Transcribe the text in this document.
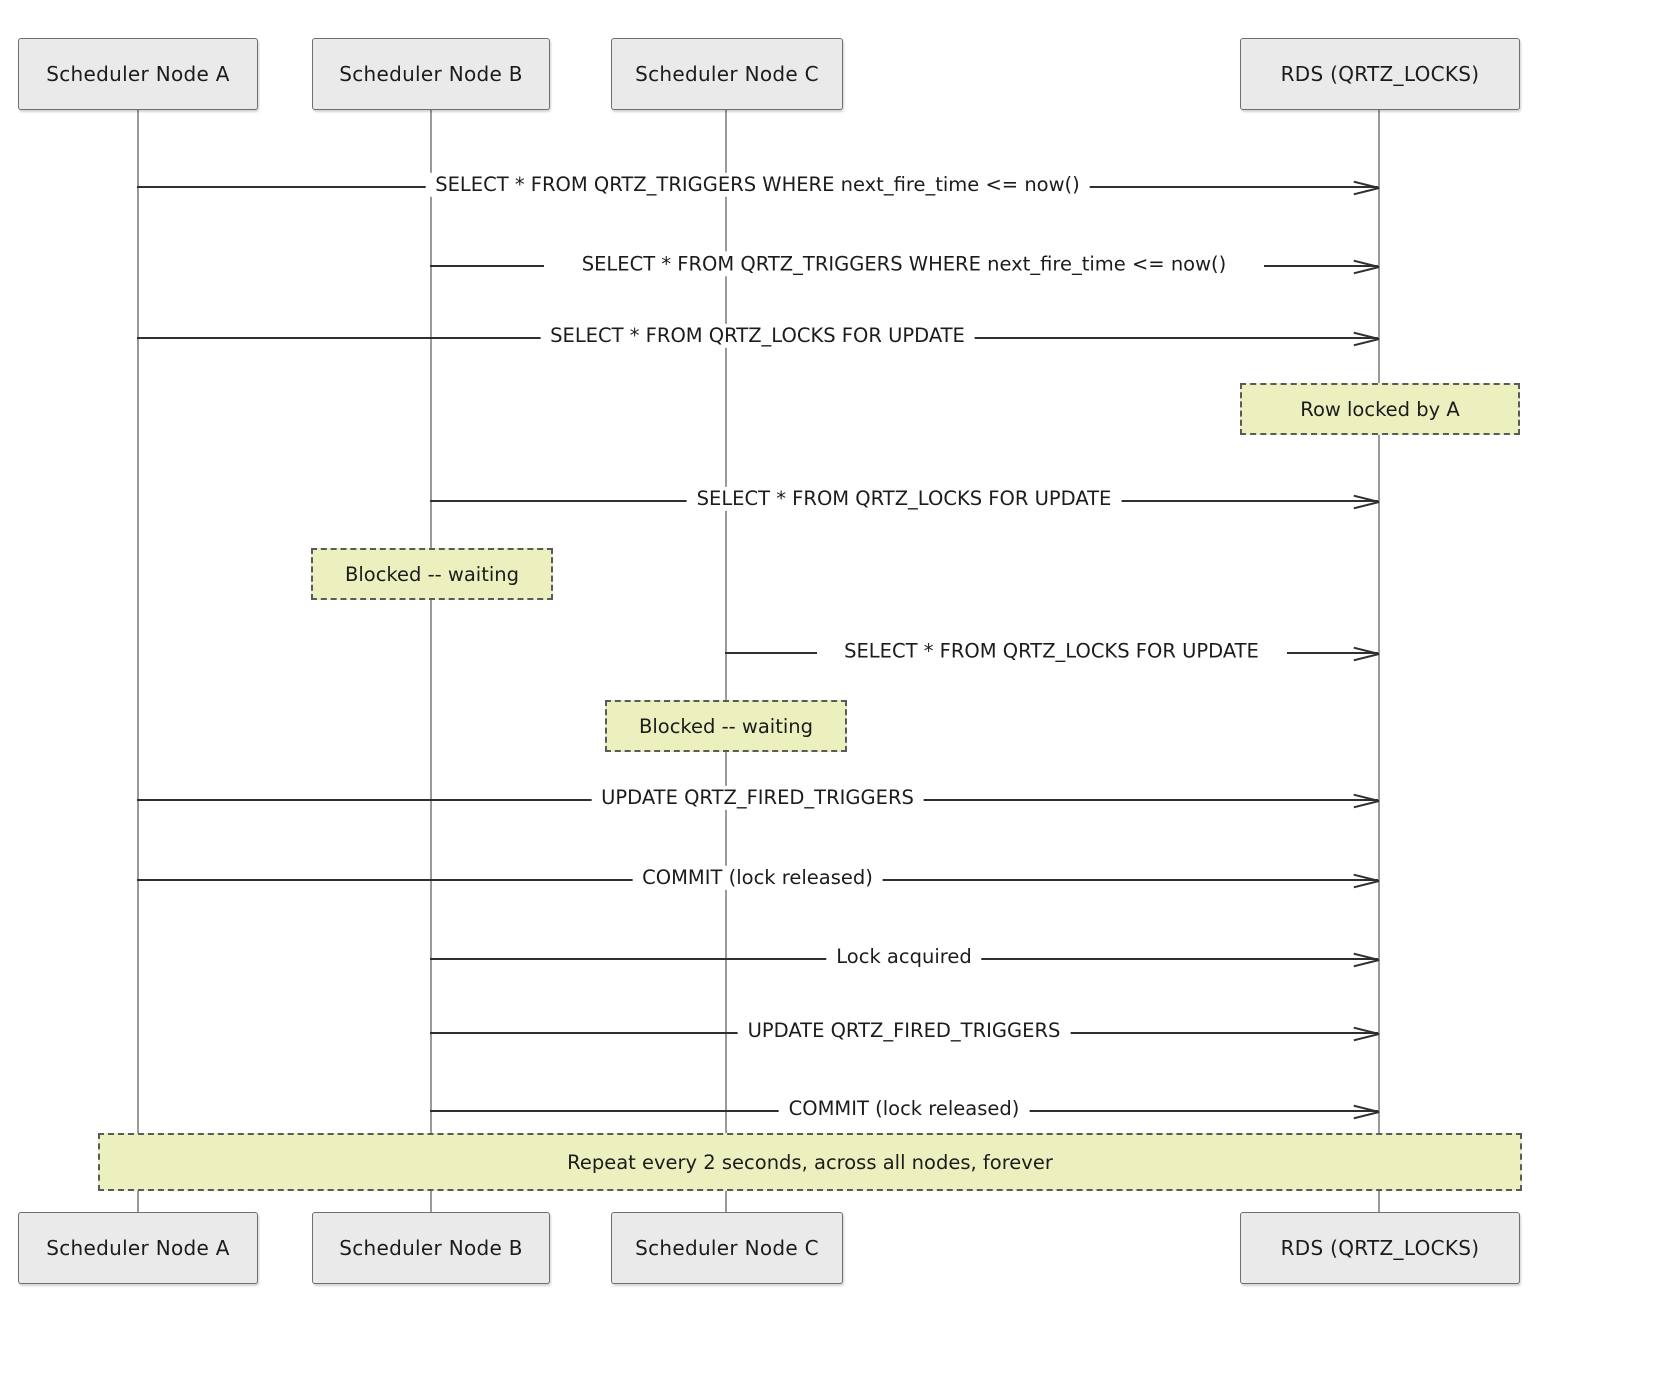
Scheduler Node A	Scheduler Node B	Scheduler Node C	RDS (QRTZ_LOCKS)
Scheduler Node A	Scheduler Node B	Scheduler Node C	RDS (QRTZ_LOCKS)
SELECT * FROM QRTZ_TRIGGERS WHERE next_fire_time <= now()
SELECT * FROM QRTZ_TRIGGERS WHERE next_fire_time <= now()
SELECT * FROM QRTZ_LOCKS FOR UPDATE
Row locked by A
SELECT * FROM QRTZ_LOCKS FOR UPDATE
Blocked -- waiting
SELECT * FROM QRTZ_LOCKS FOR UPDATE
Blocked -- waiting
UPDATE QRTZ_FIRED_TRIGGERS
COMMIT (lock released)
Lock acquired
UPDATE QRTZ_FIRED_TRIGGERS
COMMIT (lock released)
Repeat every 2 seconds, across all nodes, forever
